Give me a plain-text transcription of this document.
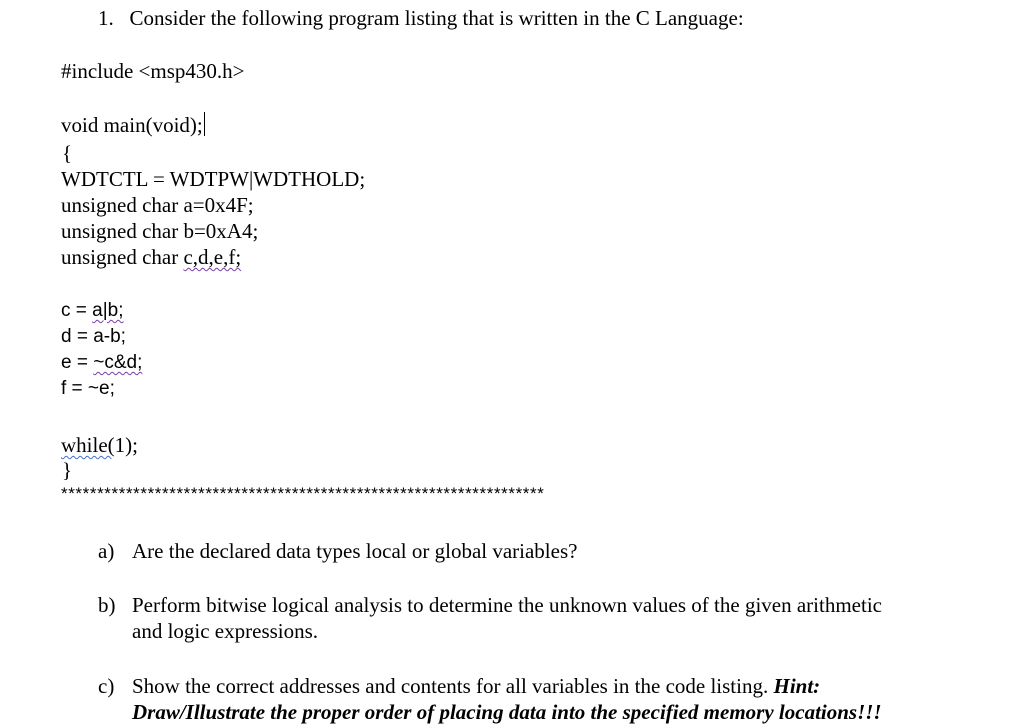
1. Consider the following program listing that is written in the C Language:
#include <msp430.h>
void main(void);
{
WDTCTL = WDTPW|WDTHOLD;
unsigned char a=0x4F;
unsigned char b=0xA4;
unsigned char c,d,e,f;
c = a|b;
d = a-b;
e = ~c&d;
f = ~e;
while(1);
}
*******************************************************************
a) Are the declared data types local or global variables?
b) Perform bitwise logical analysis to determine the unknown values of the given arithmetic
and logic expressions.
c) Show the correct addresses and contents for all variables in the code listing. Hint:
Draw/Illustrate the proper order of placing data into the specified memory locations!!!
